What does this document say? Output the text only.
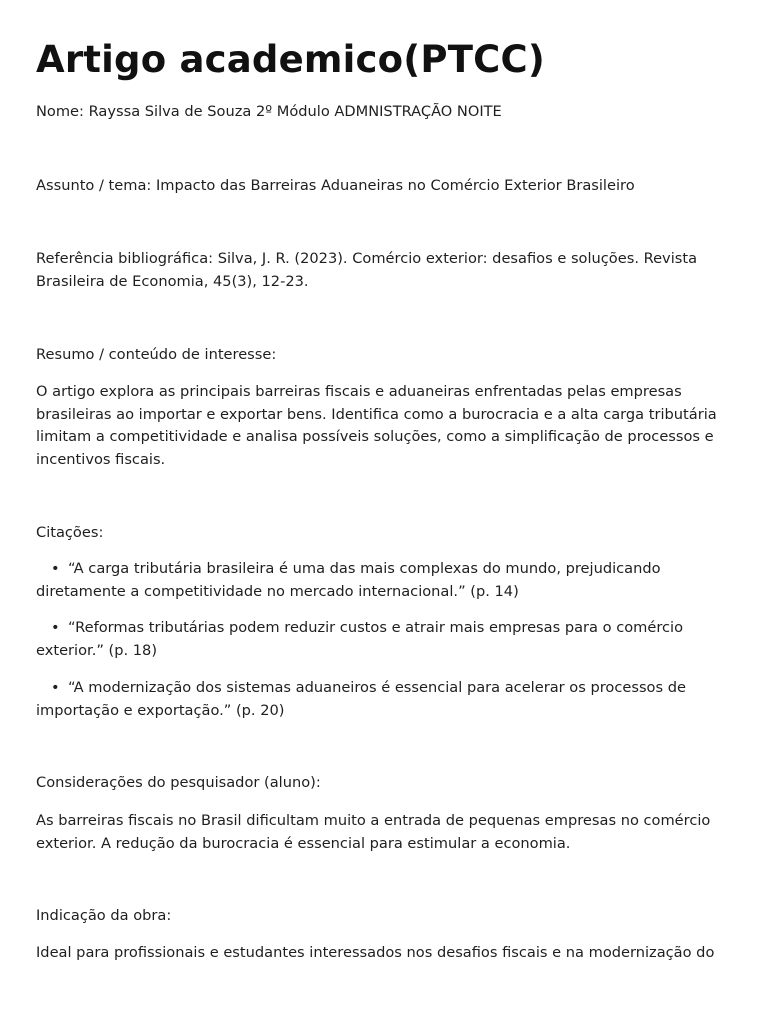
Artigo academico(PTCC)

Nome: Rayssa Silva de Souza 2º Módulo ADMNISTRAÇÃO NOITE

Assunto / tema: Impacto das Barreiras Aduaneiras no Comércio Exterior Brasileiro

Referência bibliográfica: Silva, J. R. (2023). Comércio exterior: desafios e soluções. Revista Brasileira de Economia, 45(3), 12-23.

Resumo / conteúdo de interesse:

O artigo explora as principais barreiras fiscais e aduaneiras enfrentadas pelas empresas brasileiras ao importar e exportar bens. Identifica como a burocracia e a alta carga tributária limitam a competitividade e analisa possíveis soluções, como a simplificação de processos e incentivos fiscais.

Citações:

• “A carga tributária brasileira é uma das mais complexas do mundo, prejudicando diretamente a competitividade no mercado internacional.” (p. 14)

• “Reformas tributárias podem reduzir custos e atrair mais empresas para o comércio exterior.” (p. 18)

• “A modernização dos sistemas aduaneiros é essencial para acelerar os processos de importação e exportação.” (p. 20)

Considerações do pesquisador (aluno):

As barreiras fiscais no Brasil dificultam muito a entrada de pequenas empresas no comércio exterior. A redução da burocracia é essencial para estimular a economia.

Indicação da obra:

Ideal para profissionais e estudantes interessados nos desafios fiscais e na modernização do
